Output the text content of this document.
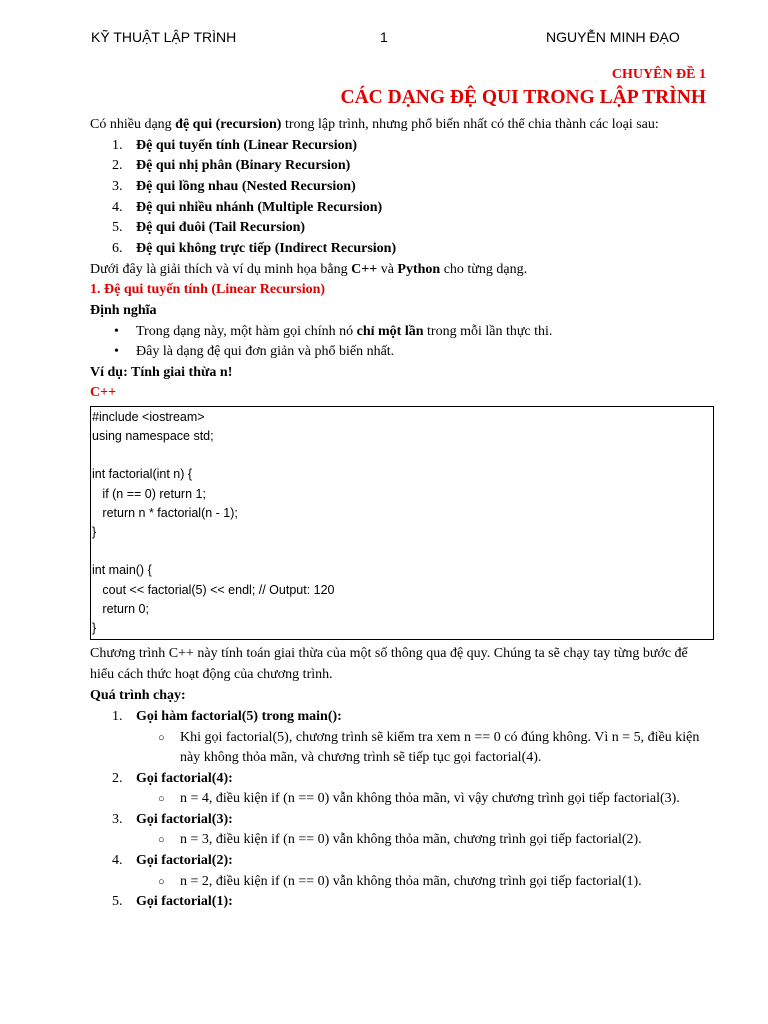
KỸ THUẬT LẬP TRÌNH	1	NGUYỄN MINH ĐẠO
CHUYÊN ĐỀ 1
CÁC DẠNG ĐỆ QUI TRONG LẬP TRÌNH

Có nhiều dạng đệ qui (recursion) trong lập trình, nhưng phổ biến nhất có thể chia thành các loại sau:

1. Đệ qui tuyến tính (Linear Recursion)
2. Đệ qui nhị phân (Binary Recursion)
3. Đệ qui lồng nhau (Nested Recursion)
4. Đệ qui nhiều nhánh (Multiple Recursion)
5. Đệ qui đuôi (Tail Recursion)
6. Đệ qui không trực tiếp (Indirect Recursion)

Dưới đây là giải thích và ví dụ minh họa bằng C++ và Python cho từng dạng.

1. Đệ qui tuyến tính (Linear Recursion)

Định nghĩa

• Trong dạng này, một hàm gọi chính nó chỉ một lần trong mỗi lần thực thi.
• Đây là dạng đệ qui đơn giản và phổ biến nhất.

Ví dụ: Tính giai thừa n!

C++

#include <iostream>
using namespace std;
int factorial(int n) {
if (n == 0) return 1;
return n * factorial(n - 1);
}
int main() {
cout << factorial(5) << endl; // Output: 120
return 0;
}

Chương trình C++ này tính toán giai thừa của một số thông qua đệ quy. Chúng ta sẽ chạy tay từng bước để hiểu cách thức hoạt động của chương trình.

Quá trình chạy:

1. Gọi hàm factorial(5) trong main():
○ Khi gọi factorial(5), chương trình sẽ kiểm tra xem n == 0 có đúng không. Vì n = 5, điều kiện này không thỏa mãn, và chương trình sẽ tiếp tục gọi factorial(4).
2. Gọi factorial(4):
○ n = 4, điều kiện if (n == 0) vẫn không thỏa mãn, vì vậy chương trình gọi tiếp factorial(3).
3. Gọi factorial(3):
○ n = 3, điều kiện if (n == 0) vẫn không thỏa mãn, chương trình gọi tiếp factorial(2).
4. Gọi factorial(2):
○ n = 2, điều kiện if (n == 0) vẫn không thỏa mãn, chương trình gọi tiếp factorial(1).
5. Gọi factorial(1):
